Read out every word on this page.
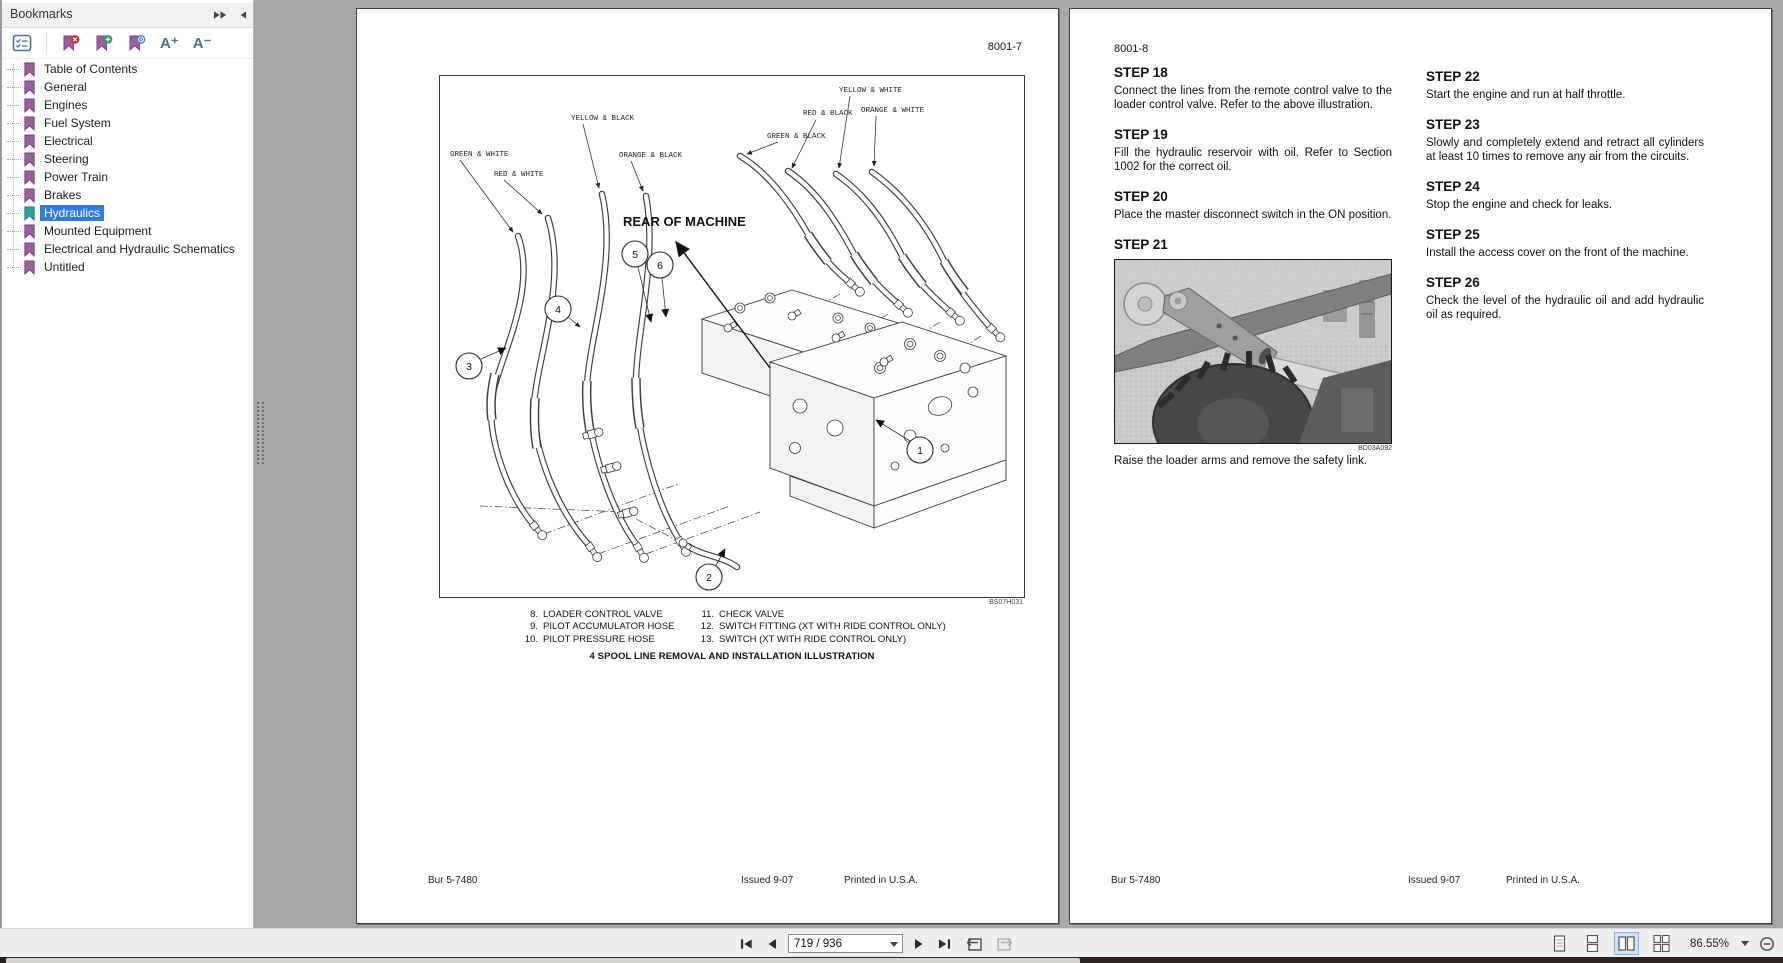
Bookmarks
A⁺ A⁻
Table of Contents
General
Engines
Fuel System
Electrical
Steering
Power Train
Brakes
Hydraulics
Mounted Equipment
Electrical and Hydraulic Schematics
Untitled
8001-7
GREEN & WHITE
RED & WHITE
YELLOW & BLACK
ORANGE & BLACK
GREEN & BLACK
RED & BLACK
YELLOW & WHITE
ORANGE & WHITE
REAR OF MACHINE
1
2
3
4
5
6
BS07H031
8. LOADER CONTROL VALVE
9. PILOT ACCUMULATOR HOSE
10. PILOT PRESSURE HOSE
11. CHECK VALVE
12. SWITCH FITTING (XT WITH RIDE CONTROL ONLY)
13. SWITCH (XT WITH RIDE CONTROL ONLY)
4 SPOOL LINE REMOVAL AND INSTALLATION ILLUSTRATION
Bur 5-7480	Issued 9-07	Printed in U.S.A.

8001-8

STEP 18

Connect the lines from the remote control valve to the loader control valve. Refer to the above illustration.

STEP 19

Fill the hydraulic reservoir with oil. Refer to Section 1002 for the correct oil.

STEP 20

Place the master disconnect switch in the ON position.

STEP 21
BD03A092

Raise the loader arms and remove the safety link.

STEP 22

Start the engine and run at half throttle.

STEP 23

Slowly and completely extend and retract all cylinders at least 10 times to remove any air from the circuits.

STEP 24

Stop the engine and check for leaks.

STEP 25

Install the access cover on the front of the machine.

STEP 26

Check the level of the hydraulic oil and add hydraulic oil as required.

Bur 5-7480	Issued 9-07	Printed in U.S.A.
719 / 936
86.55%
